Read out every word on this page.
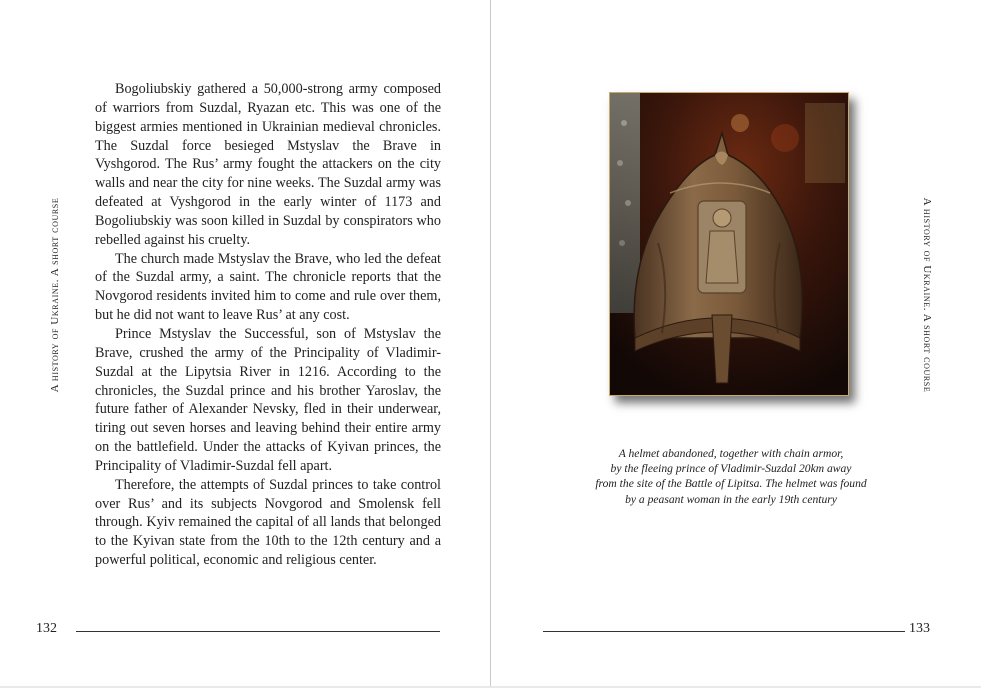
A history of Ukraine. A short course

Bogoliubskiy gathered a 50,000-strong army composed of warriors from Suzdal, Ryazan etc. This was one of the biggest armies mentioned in Ukrainian medieval chronicles. The Suzdal force besieged Mstyslav the Brave in Vyshgorod. The Rus’ army fought the attackers on the city walls and near the city for nine weeks. The Suzdal army was defeated at Vyshgorod in the early winter of 1173 and Bogoliubskiy was soon killed in Suzdal by conspirators who rebelled against his cruelty.

The church made Mstyslav the Brave, who led the defeat of the Suzdal army, a saint. The chronicle reports that the Novgorod residents invited him to come and rule over them, but he did not want to leave Rus’ at any cost.

Prince Mstyslav the Successful, son of Mstyslav the Brave, crushed the army of the Principality of Vladimir-Suzdal at the Lipytsia River in 1216. According to the chronicles, the Suzdal prince and his brother Yaroslav, the future father of Alexander Nevsky, fled in their underwear, tiring out seven horses and leaving behind their entire army on the battlefield. Under the attacks of Kyivan princes, the Principality of Vladimir-Suzdal fell apart.

Therefore, the attempts of Suzdal princes to take control over Rus’ and its subjects Novgorod and Smolensk fell through. Kyiv remained the capital of all lands that belonged to the Kyivan state from the 10th to the 12th century and a powerful political, economic and religious center.

132
A helmet abandoned, together with chain armor,
by the fleeing prince of Vladimir-Suzdal 20km away
from the site of the Battle of Lipitsa. The helmet was found
by a peasant woman in the early 19th century
A history of Ukraine. A short course
133
